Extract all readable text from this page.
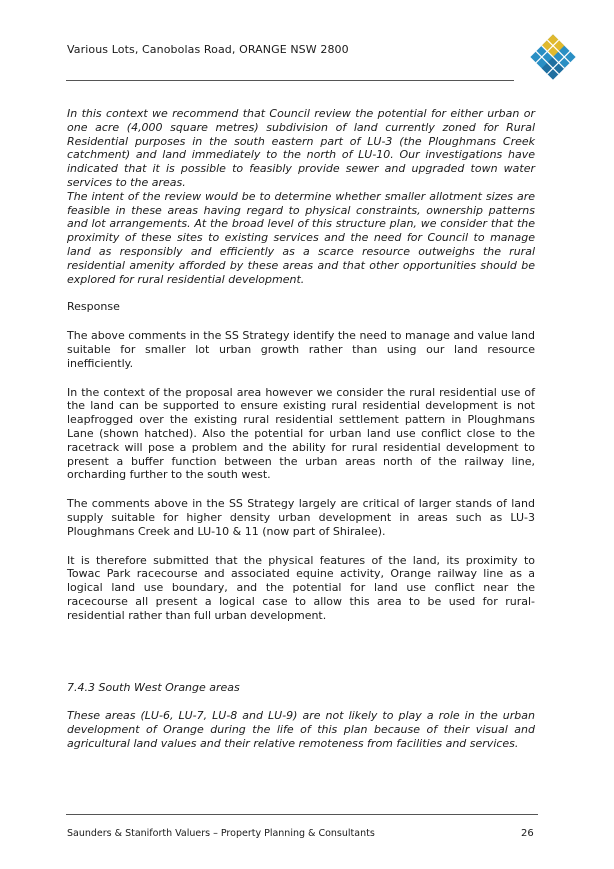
Various Lots, Canobolas Road, ORANGE NSW 2800

In this context we recommend that Council review the potential for either urban or one acre (4,000 square metres) subdivision of land currently zoned for Rural Residential purposes in the south eastern part of LU-3 (the Ploughmans Creek catchment) and land immediately to the north of LU-10. Our investigations have indicated that it is possible to feasibly provide sewer and upgraded town water services to the areas.

The intent of the review would be to determine whether smaller allotment sizes are feasible in these areas having regard to physical constraints, ownership patterns and lot arrangements. At the broad level of this structure plan, we consider that the proximity of these sites to existing services and the need for Council to manage land as responsibly and efficiently as a scarce resource outweighs the rural residential amenity afforded by these areas and that other opportunities should be explored for rural residential development.

Response

The above comments in the SS Strategy identify the need to manage and value land suitable for smaller lot urban growth rather than using our land resource inefficiently.

In the context of the proposal area however we consider the rural residential use of the land can be supported to ensure existing rural residential development is not leapfrogged over the existing rural residential settlement pattern in Ploughmans Lane (shown hatched). Also the potential for urban land use conflict close to the racetrack will pose a problem and the ability for rural residential development to present a buffer function between the urban areas north of the railway line, orcharding further to the south west.

The comments above in the SS Strategy largely are critical of larger stands of land supply suitable for higher density urban development in areas such as LU-3 Ploughmans Creek and LU-10 & 11 (now part of Shiralee).

It is therefore submitted that the physical features of the land, its proximity to Towac Park racecourse and associated equine activity, Orange railway line as a logical land use boundary, and the potential for land use conflict near the racecourse all present a logical case to allow this area to be used for rural-residential rather than full urban development.

7.4.3 South West Orange areas

These areas (LU-6, LU-7, LU-8 and LU-9) are not likely to play a role in the urban development of Orange during the life of this plan because of their visual and agricultural land values and their relative remoteness from facilities and services.

Saunders & Staniforth Valuers – Property Planning & Consultants	26
